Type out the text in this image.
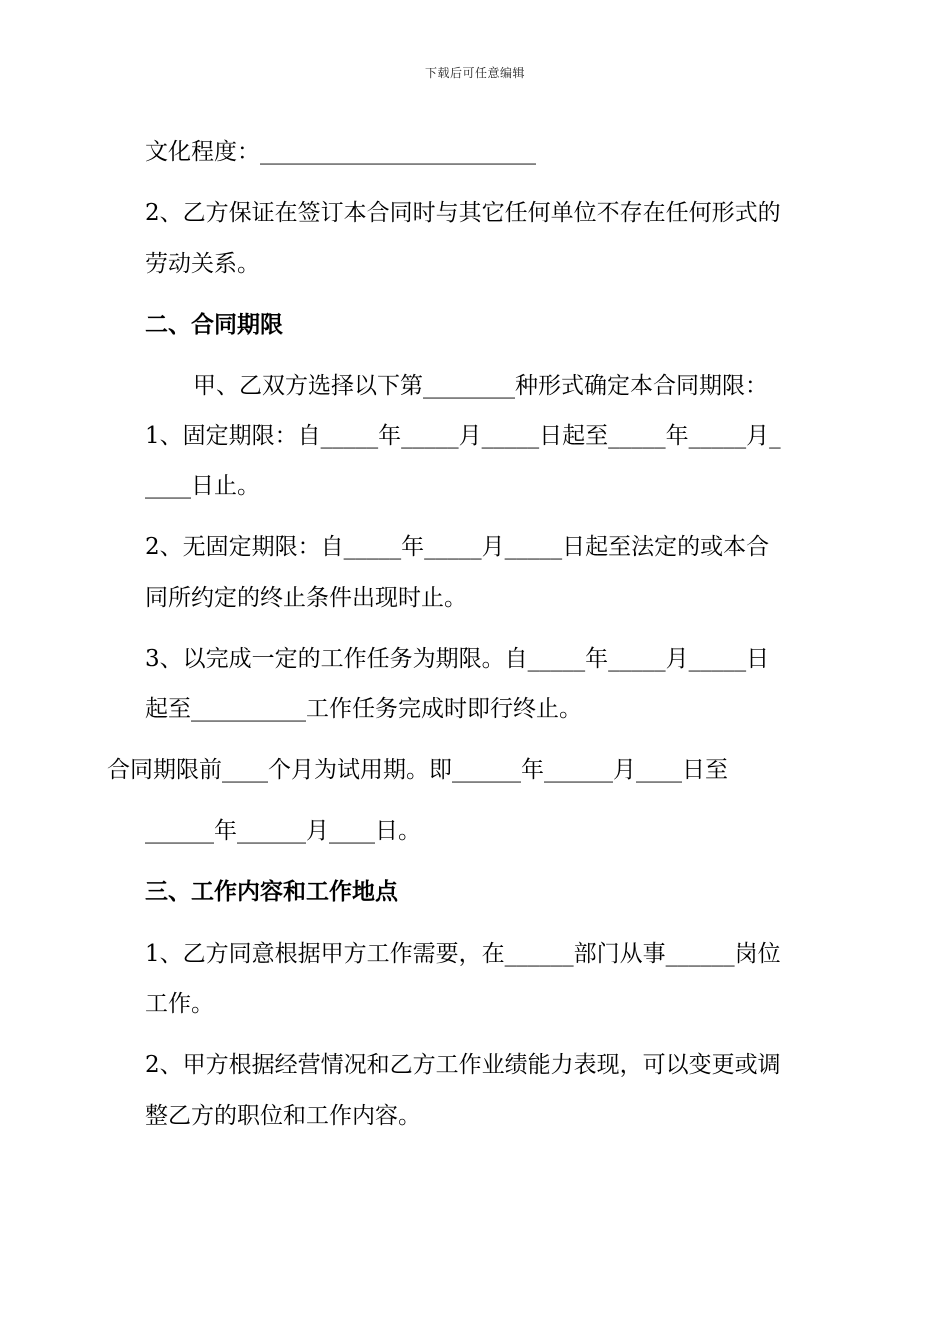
下载后可任意编辑
文化程度：________________________
2、乙方保证在签订本合同时与其它任何单位不存在任何形式的
劳动关系。
二、合同期限
甲、乙双方选择以下第________种形式确定本合同期限：
1、固定期限：自_____年_____月_____日起至_____年_____月_
____日止。
2、无固定期限：自_____年_____月_____日起至法定的或本合
同所约定的终止条件出现时止。
3、以完成一定的工作任务为期限。自_____年_____月_____日
起至__________工作任务完成时即行终止。
合同期限前____个月为试用期。即______年______月____日至
______年______月____日。
三、工作内容和工作地点
1、乙方同意根据甲方工作需要，在______部门从事______岗位
工作。
2、甲方根据经营情况和乙方工作业绩能力表现，可以变更或调
整乙方的职位和工作内容。
